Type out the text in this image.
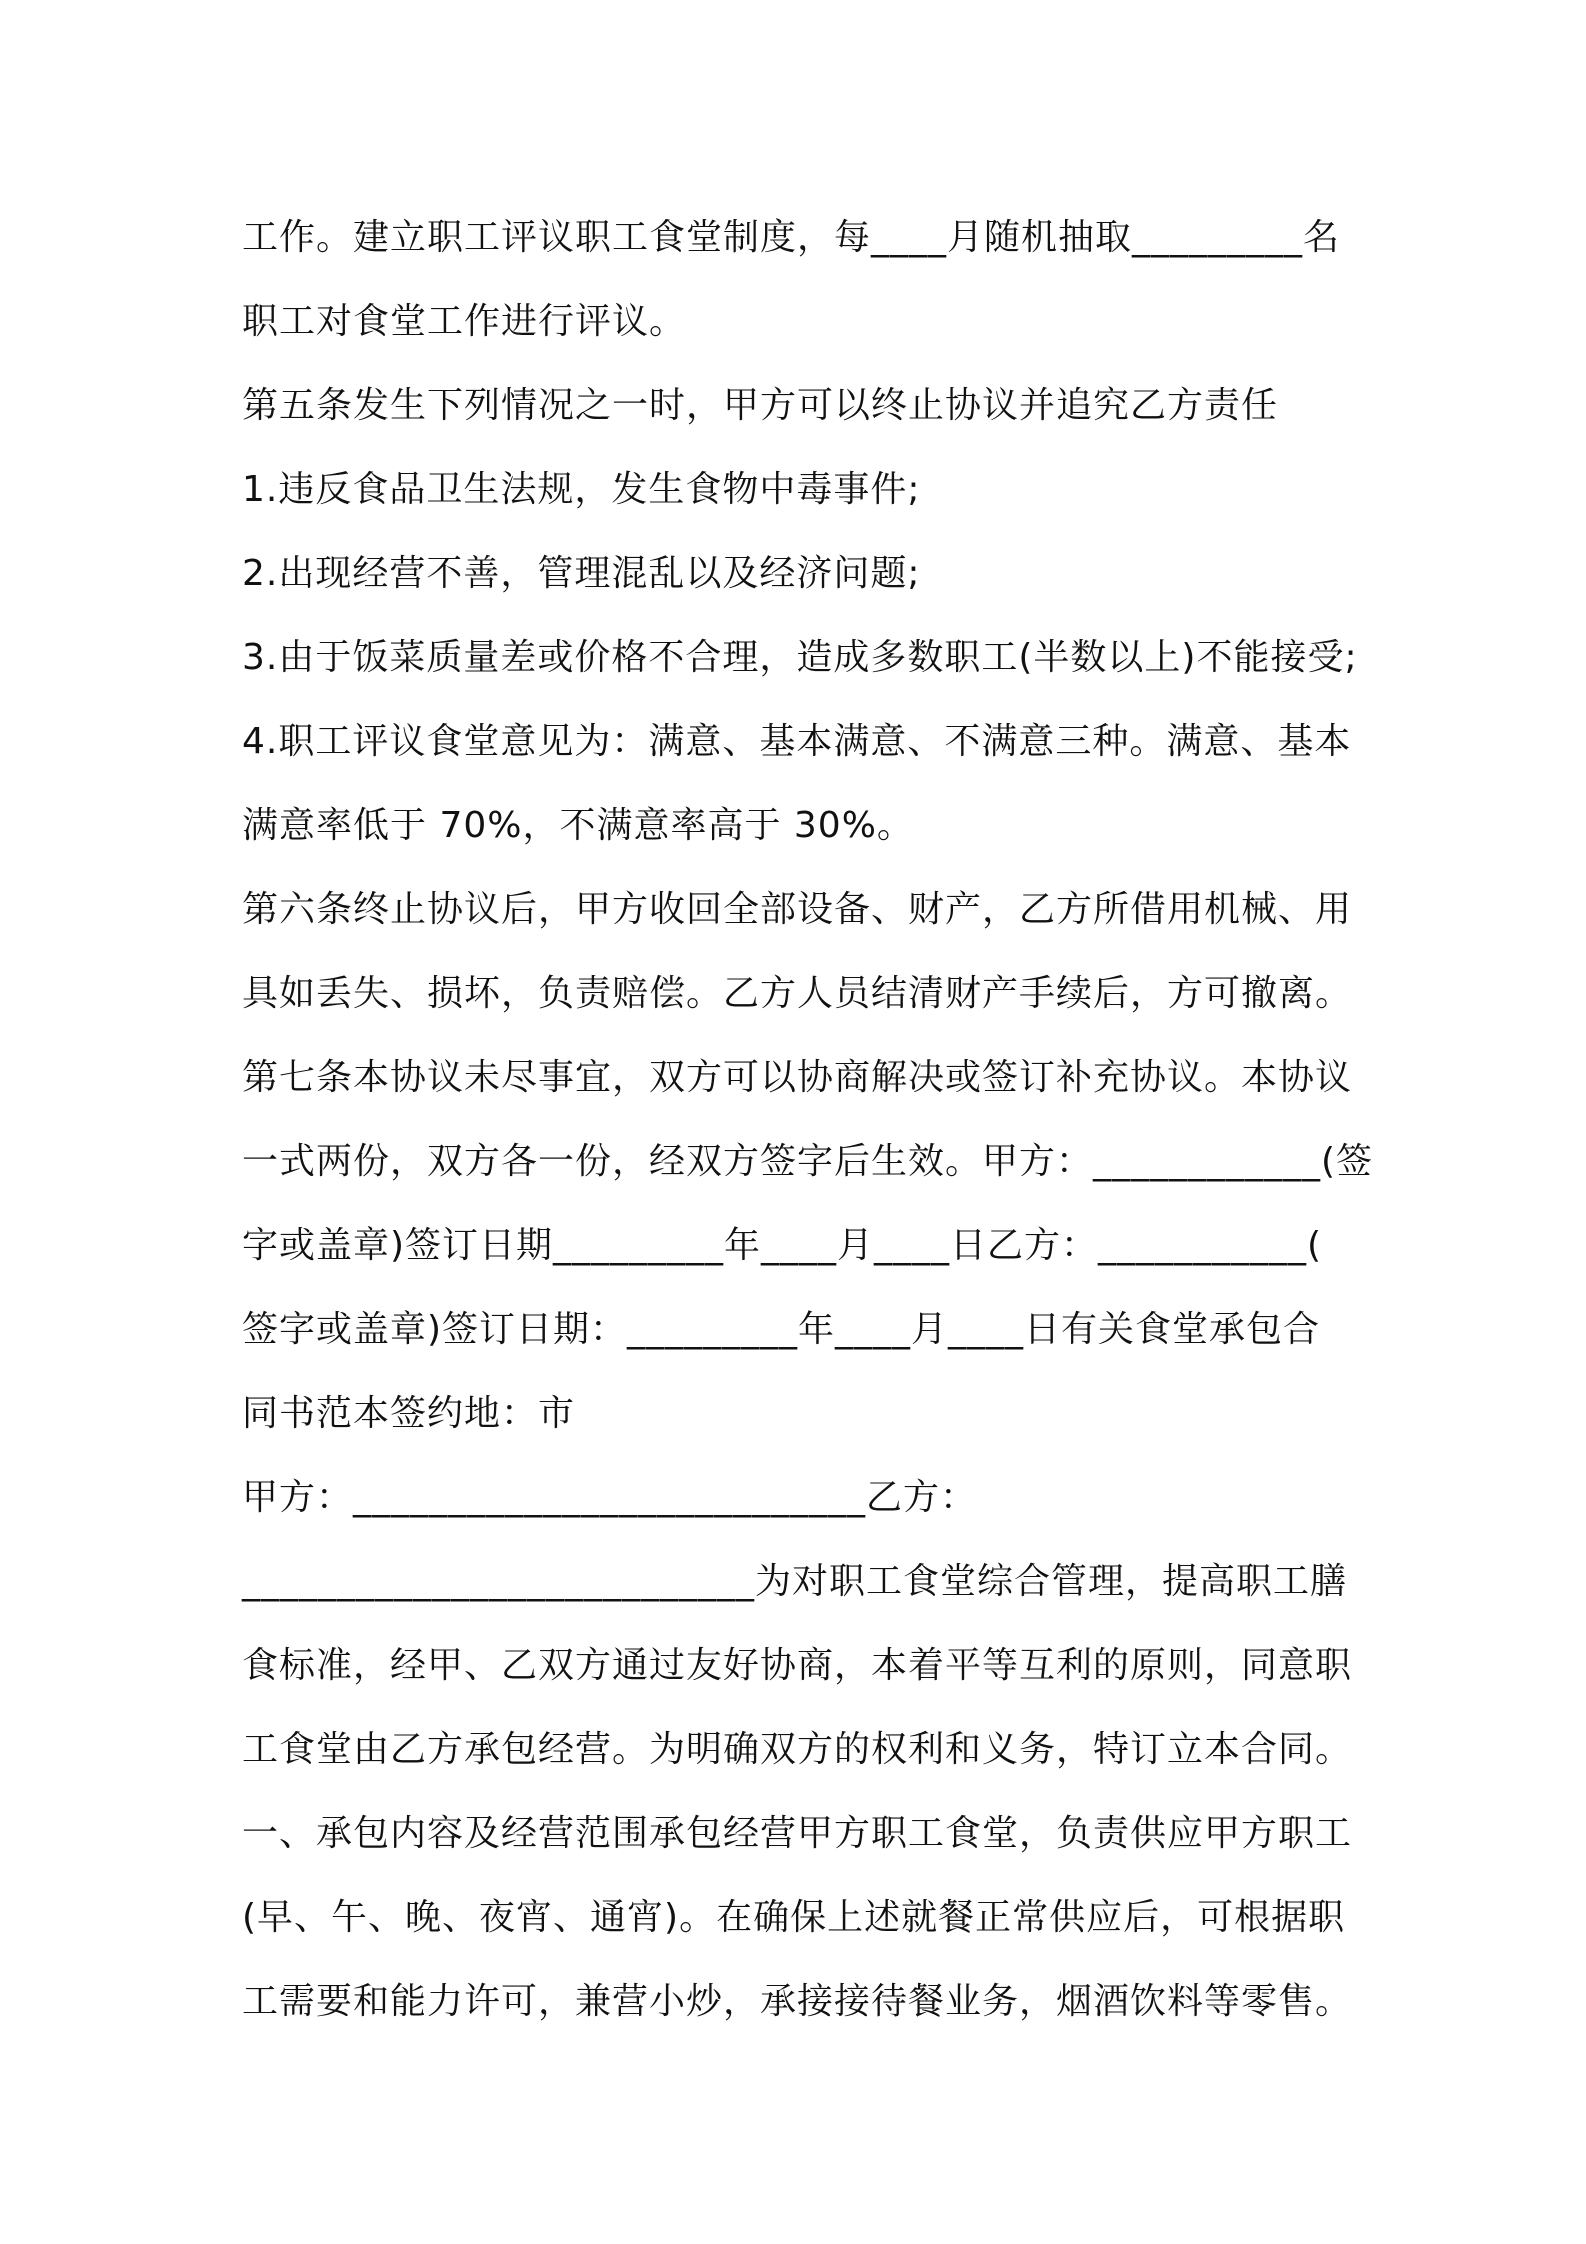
工作。建立职工评议职工食堂制度，每____月随机抽取_________名
职工对食堂工作进行评议。
第五条发生下列情况之一时，甲方可以终止协议并追究乙方责任
1.违反食品卫生法规，发生食物中毒事件;
2.出现经营不善，管理混乱以及经济问题;
3.由于饭菜质量差或价格不合理，造成多数职工(半数以上)不能接受;
4.职工评议食堂意见为：满意、基本满意、不满意三种。满意、基本
满意率低于 70%，不满意率高于 30%。
第六条终止协议后，甲方收回全部设备、财产，乙方所借用机械、用
具如丢失、损坏，负责赔偿。乙方人员结清财产手续后，方可撤离。
第七条本协议未尽事宜，双方可以协商解决或签订补充协议。本协议
一式两份，双方各一份，经双方签字后生效。甲方：____________(签
字或盖章)签订日期_________年____月____日乙方：___________(
签字或盖章)签订日期：_________年____月____日有关食堂承包合
同书范本签约地：市
甲方：___________________________乙方：
___________________________为对职工食堂综合管理，提高职工膳
食标准，经甲、乙双方通过友好协商，本着平等互利的原则，同意职
工食堂由乙方承包经营。为明确双方的权利和义务，特订立本合同。
一、承包内容及经营范围承包经营甲方职工食堂，负责供应甲方职工
(早、午、晚、夜宵、通宵)。在确保上述就餐正常供应后，可根据职
工需要和能力许可，兼营小炒，承接接待餐业务，烟酒饮料等零售。
